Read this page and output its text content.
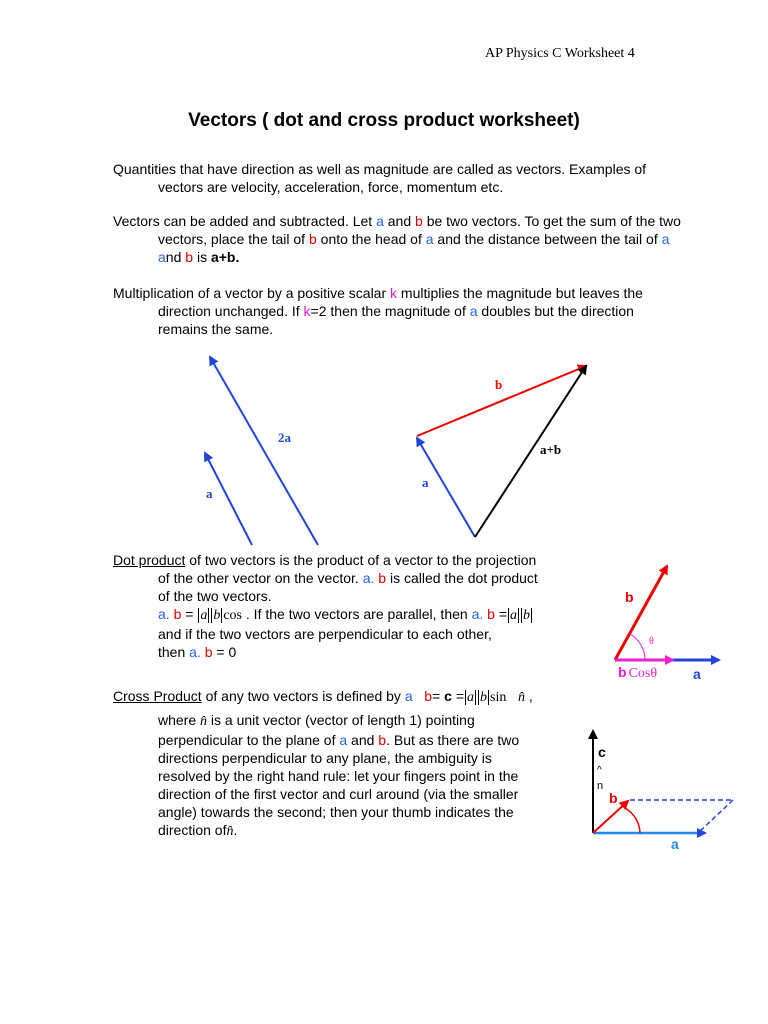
AP Physics C Worksheet 4
Vectors ( dot and cross product worksheet)
Quantities that have direction as well as magnitude are called as vectors. Examples of
vectors are velocity, acceleration, force, momentum etc.
Vectors can be added and subtracted. Let a and b be two vectors. To get the sum of the two
vectors, place the tail of b onto the head of a and the distance between the tail of a
and b is a+b.
Multiplication of a vector by a positive scalar k multiplies the magnitude but leaves the
direction unchanged. If k=2 then the magnitude of a doubles but the direction
remains the same.
2a
a
b
a
a+b
Dot product of two vectors is the product of a vector to the projection
of the other vector on the vector. a. b is called the dot product
of the two vectors.
a. b = a b cos . If the two vectors are parallel, then a. b = a b
and if the two vectors are perpendicular to each other,
then a. b = 0
b
θ
b Cosθ	a
Cross Product of any two vectors is defined by a b= c = a b sin n̂ ,
where n̂ is a unit vector (vector of length 1) pointing
perpendicular to the plane of a and b. But as there are two
directions perpendicular to any plane, the ambiguity is
resolved by the right hand rule: let your fingers point in the
direction of the first vector and curl around (via the smaller
angle) towards the second; then your thumb indicates the
direction ofn̂.
c
^
n
b
a
